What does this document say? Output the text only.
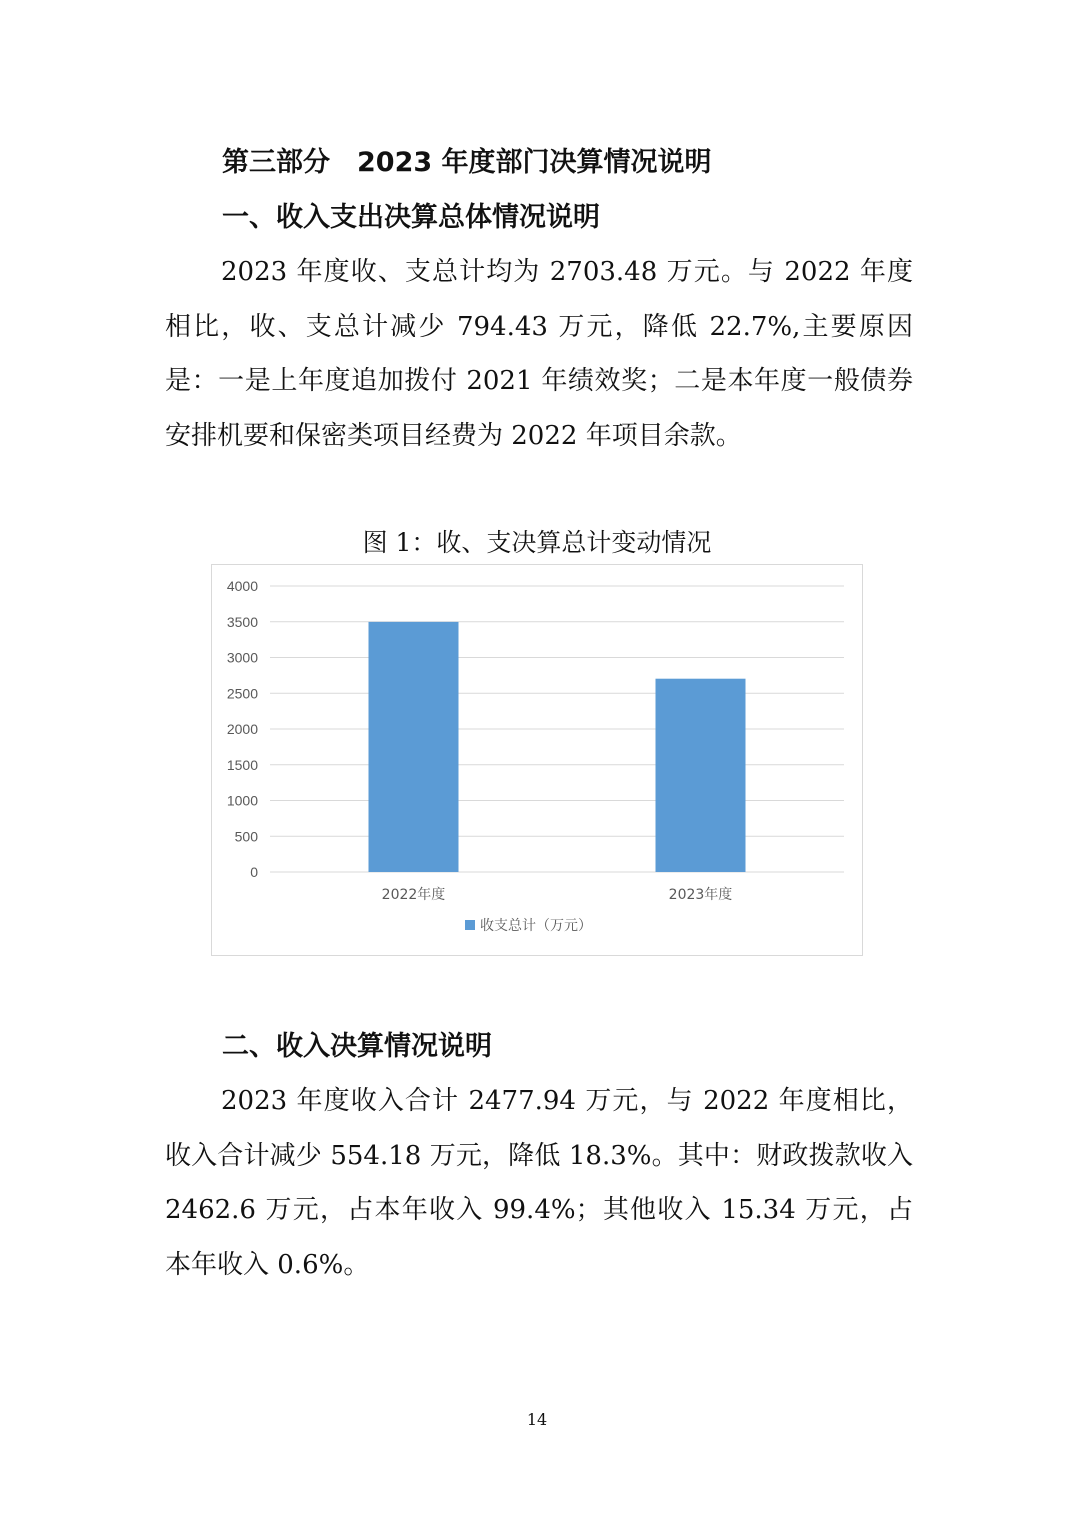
第三部分　2023 年度部门决算情况说明
一、收入支出决算总体情况说明

2023 年度收、支总计均为 2703.48 万元。与 2022 年度相比，收、支总计减少 794.43 万元，降低 22.7%,主要原因是：一是上年度追加拨付 2021 年绩效奖；二是本年度一般债券安排机要和保密类项目经费为 2022 年项目余款。

图 1：收、支决算总计变动情况

0
500
1000
1500
2000
2500
3000
3500
4000
2022年度	2023年度
收支总计（万元）
二、收入决算情况说明

2023 年度收入合计 2477.94 万元，与 2022 年度相比，收入合计减少 554.18 万元，降低 18.3%。其中：财政拨款收入 2462.6 万元，占本年收入 99.4%；其他收入 15.34 万元，占本年收入 0.6%。

14
